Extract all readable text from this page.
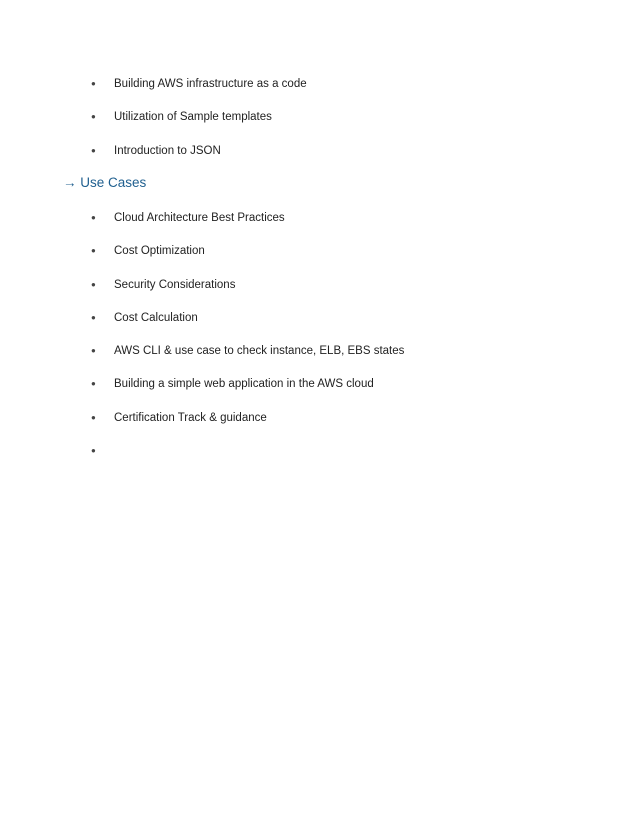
● Building AWS infrastructure as a code
● Utilization of Sample templates
● Introduction to JSON
→ Use Cases
● Cloud Architecture Best Practices
● Cost Optimization
● Security Considerations
● Cost Calculation
● AWS CLI & use case to check instance, ELB, EBS states
● Building a simple web application in the AWS cloud
● Certification Track & guidance
●
